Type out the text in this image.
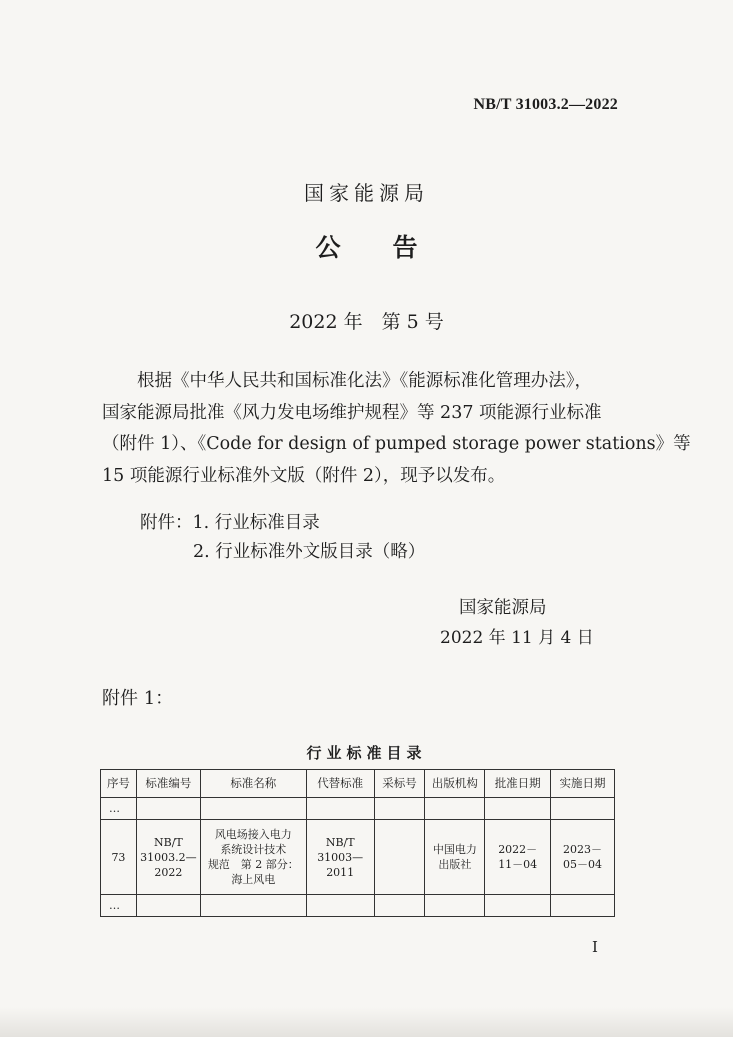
NB/T 31003.2—2022
国家能源局
公告
2022 年　第 5 号
根据《中华人民共和国标准化法》《能源标准化管理办法》，
国家能源局批准《风力发电场维护规程》等 237 项能源行业标准
（附件 1）、《Code for design of pumped storage power stations》等
15 项能源行业标准外文版（附件 2），现予以发布。
附件：1. 行业标准目录
2. 行业标准外文版目录（略）
国家能源局
2022 年 11 月 4 日
附件 1：
行业标准目录
序号	标准编号	标准名称	代替标准	采标号	出版机构	批准日期	实施日期
…							
73	NB/T
31003.2—
2022	风电场接入电力
系统设计技术
规范　第 2 部分：
海上风电	NB/T
31003—
2011		中国电力
出版社	2022－
11－04	2023－
05－04

…							
I
